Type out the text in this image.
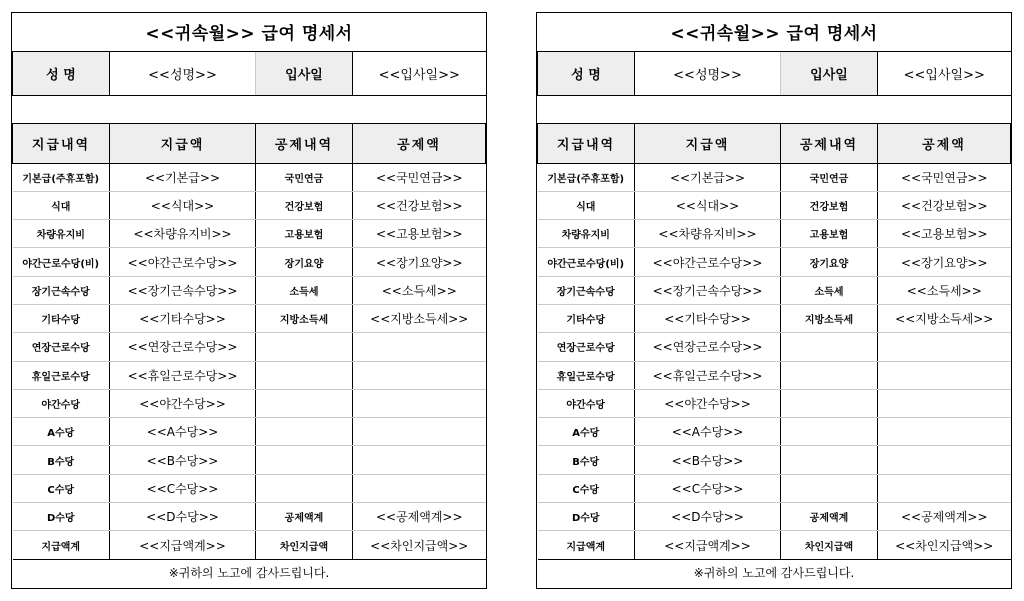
<<귀속월>> 급여 명세서			
성 명	<<성명>>	입사일	<<입사일>>

지급내역	지급액	공제내역	공제액
기본급(주휴포함)	<<기본급>>	국민연금	<<국민연금>>
식대	<<식대>>	건강보험	<<건강보험>>
차량유지비	<<차량유지비>>	고용보험	<<고용보험>>
야간근로수당(비)	<<야간근로수당>>	장기요양	<<장기요양>>
장기근속수당	<<장기근속수당>>	소득세	<<소득세>>
기타수당	<<기타수당>>	지방소득세	<<지방소득세>>
연장근로수당	<<연장근로수당>>		
휴일근로수당	<<휴일근로수당>>		
야간수당	<<야간수당>>		
A수당	<<A수당>>		
B수당	<<B수당>>		
C수당	<<C수당>>		
D수당	<<D수당>>	공제액계	<<공제액계>>
지급액계	<<지급액계>>	차인지급액	<<차인지급액>>
※귀하의 노고에 감사드립니다.			
<<귀속월>> 급여 명세서			
성 명	<<성명>>	입사일	<<입사일>>

지급내역	지급액	공제내역	공제액
기본급(주휴포함)	<<기본급>>	국민연금	<<국민연금>>
식대	<<식대>>	건강보험	<<건강보험>>
차량유지비	<<차량유지비>>	고용보험	<<고용보험>>
야간근로수당(비)	<<야간근로수당>>	장기요양	<<장기요양>>
장기근속수당	<<장기근속수당>>	소득세	<<소득세>>
기타수당	<<기타수당>>	지방소득세	<<지방소득세>>
연장근로수당	<<연장근로수당>>		
휴일근로수당	<<휴일근로수당>>		
야간수당	<<야간수당>>		
A수당	<<A수당>>		
B수당	<<B수당>>		
C수당	<<C수당>>		
D수당	<<D수당>>	공제액계	<<공제액계>>
지급액계	<<지급액계>>	차인지급액	<<차인지급액>>
※귀하의 노고에 감사드립니다.			
